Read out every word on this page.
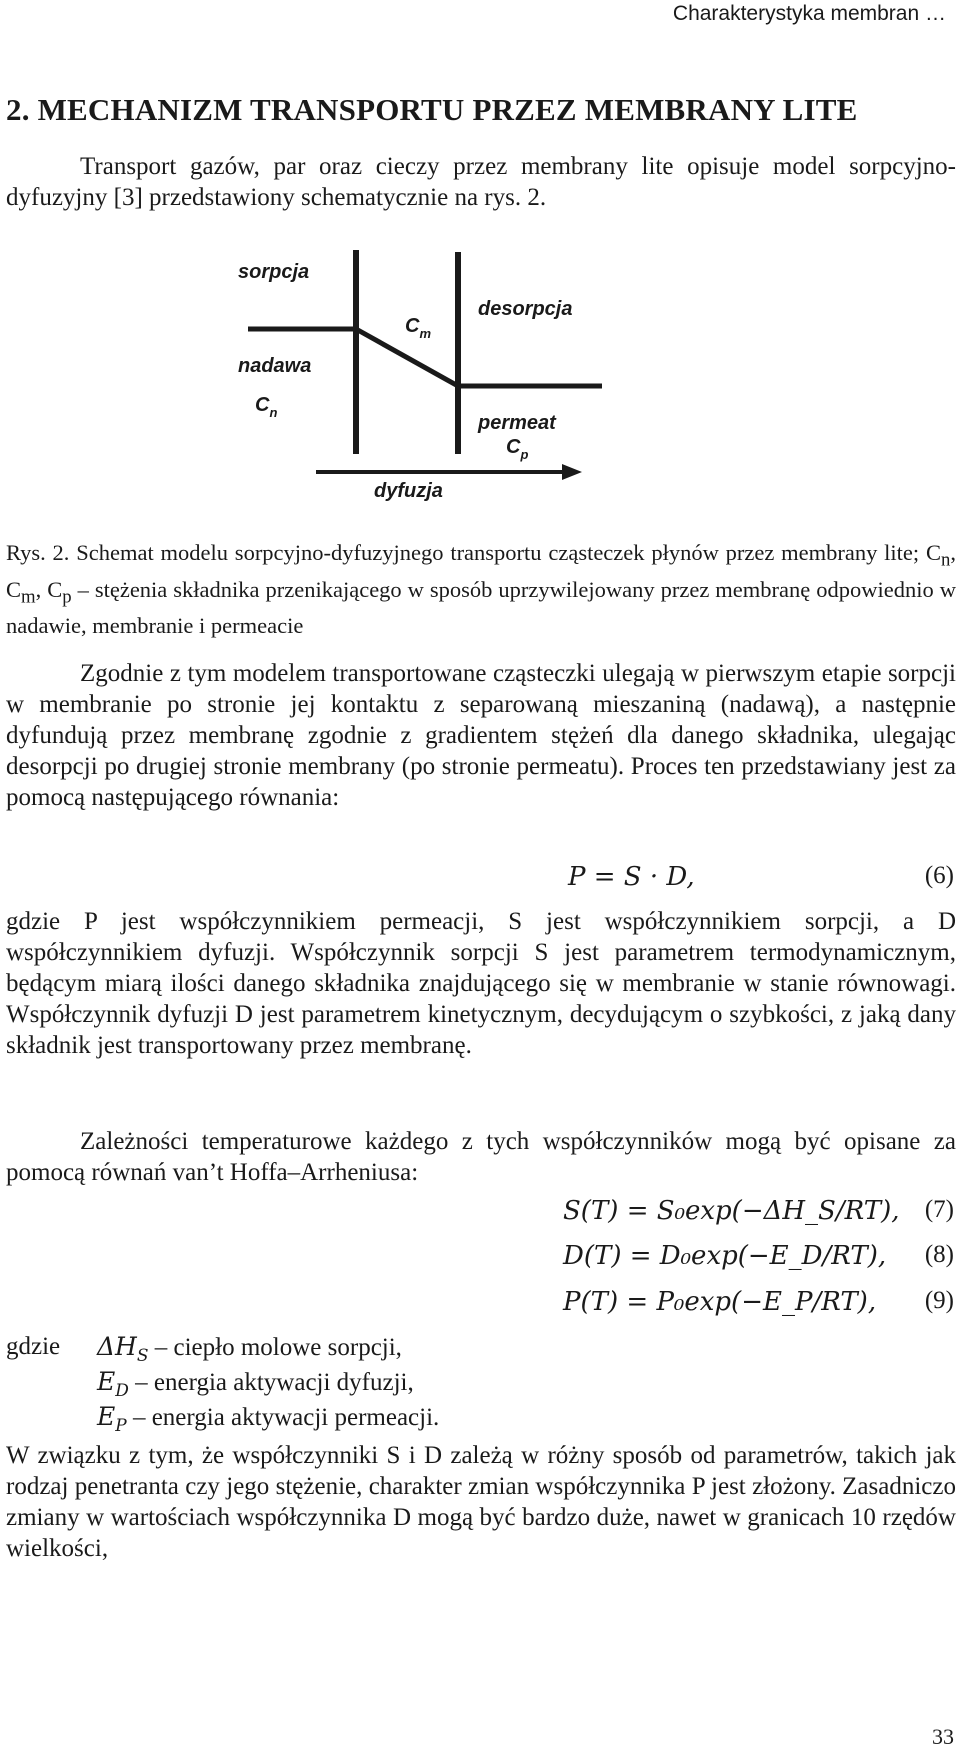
Charakterystyka membran …
2. MECHANIZM TRANSPORTU PRZEZ MEMBRANY LITE

Transport gazów, par oraz cieczy przez membrany lite opisuje model sorpcyjno-dyfuzyjny [3] przedstawiony schematycznie na rys. 2.

sorpcja
desorpcja
nadawa
permeat
dyfuzja
$C_m$
$C_n$
$C_p$
Rys. 2. Schemat modelu sorpcyjno-dyfuzyjnego transportu cząsteczek płynów przez membrany lite; $C_n$, $C_m$, $C_p$ – stężenia składnika przenikającego w sposób uprzywilejowany przez membranę odpowiednio w nadawie, membranie i permeacie

Zgodnie z tym modelem transportowane cząsteczki ulegają w pierwszym etapie sorpcji w membranie po stronie jej kontaktu z separowaną mieszaniną (nadawą), a następnie dyfundują przez membranę zgodnie z gradientem stężeń dla danego składnika, ulegając desorpcji po drugiej stronie membrany (po stronie permeatu). Proces ten przedstawiany jest za pomocą następującego równania:

P = S · D,	(6)

gdzie P jest współczynnikiem permeacji, S jest współczynnikiem sorpcji, a D współczynnikiem dyfuzji. Współczynnik sorpcji S jest parametrem termodynamicznym, będącym miarą ilości danego składnika znajdującego się w membranie w stanie równowagi. Współczynnik dyfuzji D jest parametrem kinetycznym, decydującym o szybkości, z jaką dany składnik jest transportowany przez membranę.

Zależności temperaturowe każdego z tych współczynników mogą być opisane za pomocą równań van’t Hoffa–Arrheniusa:

S(T) = S₀exp(−ΔH_S/RT), (7)
D(T) = D₀exp(−E_D/RT), (8)
P(T) = P₀exp(−E_P/RT), (9)
gdzie $\Delta H_S$ – ciepło molowe sorpcji,
$E_D$ – energia aktywacji dyfuzji,
$E_P$ – energia aktywacji permeacji.

W związku z tym, że współczynniki S i D zależą w różny sposób od parametrów, takich jak rodzaj penetranta czy jego stężenie, charakter zmian współczynnika P jest złożony. Zasadniczo zmiany w wartościach współczynnika D mogą być bardzo duże, nawet w granicach 10 rzędów wielkości,

33
